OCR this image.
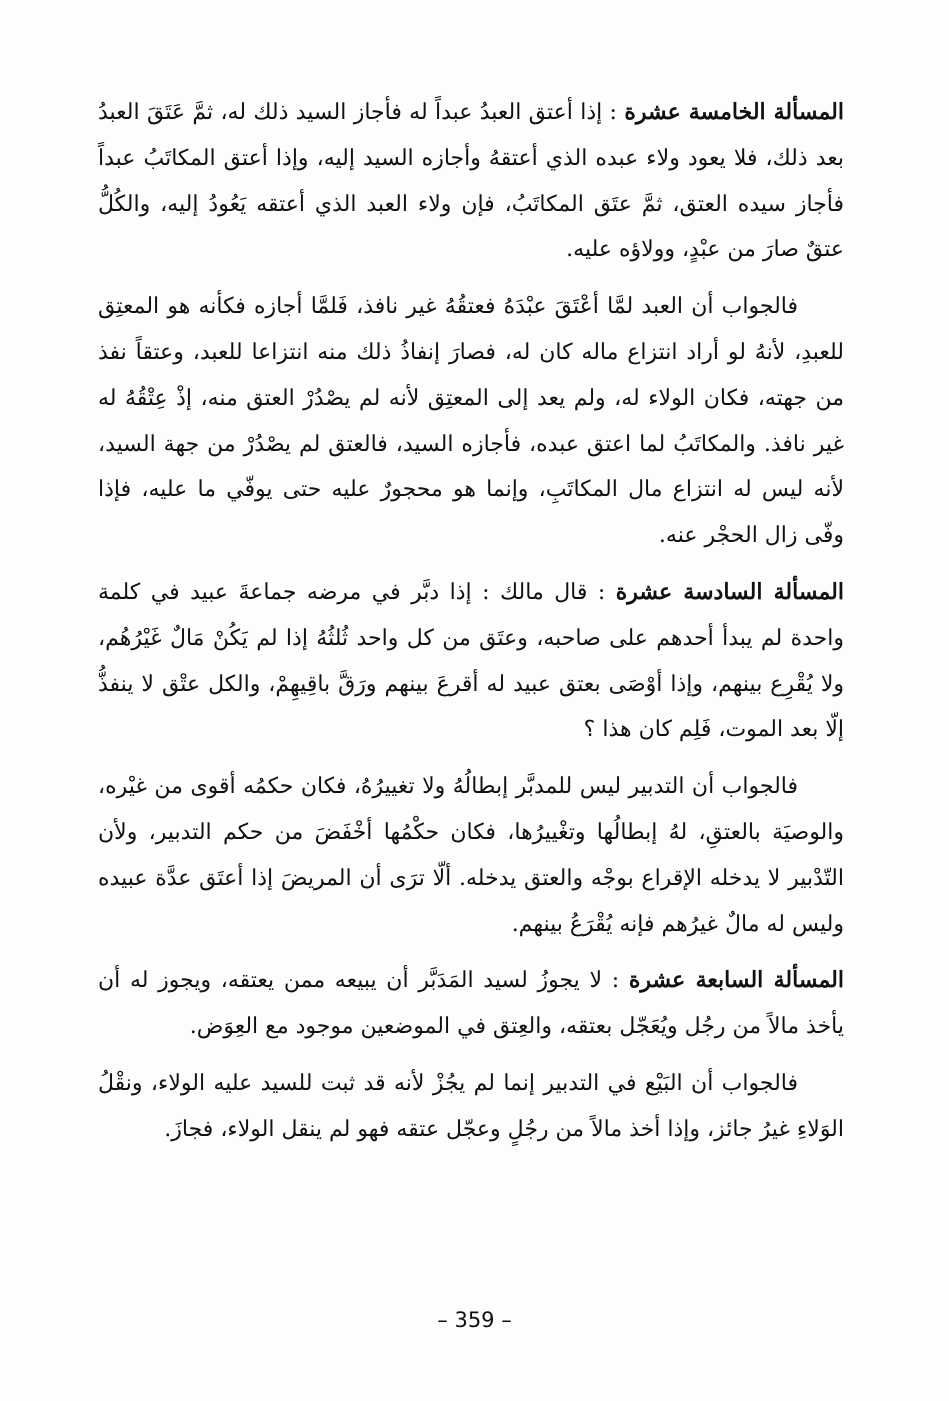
المسألة الخامسة عشرة : إذا أعتق العبدُ عبداً له فأجاز السيد ذلك له، ثمَّ عَتَقَ العبدُ بعد ذلك، فلا يعود ولاء عبده الذي أعتقهُ وأجازه السيد إليه، وإذا أعتق المكاتَبُ عبداً فأجاز سيده العتق، ثمَّ عتَق المكاتَبُ، فإن ولاء العبد الذي أعتقه يَعُودُ إليه، والكُلُّ عتقٌ صارَ من عبْدٍ، وولاؤه عليه.

فالجواب أن العبد لمَّا أعْتَقَ عبْدَهُ فعتقُهُ غير نافذ، فَلمَّا أجازه فكأنه هو المعتِق للعبدِ، لأنهُ لو أراد انتزاع ماله كان له، فصارَ إنفاذُ ذلك منه انتزاعا للعبد، وعتقاً نفذ من جهته، فكان الولاء له، ولم يعد إلى المعتِق لأنه لم يصْدُرْ العتق منه، إذْ عِتْقُهُ له غير نافذ. والمكاتَبُ لما اعتق عبده، فأجازه السيد، فالعتق لم يصْدُرْ من جهة السيد، لأنه ليس له انتزاع مال المكاتَبِ، وإنما هو محجورٌ عليه حتى يوفّي ما عليه، فإذا وفّى زال الحجْر عنه.

المسألة السادسة عشرة : قال مالك : إذا دبَّر في مرضه جماعةَ عبيد في كلمة واحدة لم يبدأ أحدهم على صاحبه، وعتَق من كل واحد ثُلثُهُ إذا لم يَكُنْ مَالٌ غَيْرُهُم، ولا يُقْرِع بينهم، وإذا أوْصَى بعتق عبيد له أقرعَ بينهم ورَقَّ باقِيهِمْ، والكل عتْق لا ينفذُّ إلّا بعد الموت، فَلِم كان هذا ؟

فالجواب أن التدبير ليس للمدبَّر إبطالُهُ ولا تغييرُهُ، فكان حكمُه أقوى من غيْره، والوصيَة بالعتقِ، لهُ إبطالُها وتغْييرُها، فكان حكْمُها أخْفَضَ من حكم التدبير، ولأن التّدْبير لا يدخله الإقراع بوجْه والعتق يدخله. ألّا ترَى أن المريضَ إذا أعتَق عدَّة عبيده وليس له مالٌ غيرُهم فإنه يُقْرَعُ بينهم.

المسألة السابعة عشرة : لا يجوزُ لسيد المَدَبَّر أن يبيعه ممن يعتقه، ويجوز له أن يأخذ مالاً من رجُل ويُعَجّل بعتقه، والعِتق في الموضعين موجود مع العِوَض.

فالجواب أن البَيْع في التدبير إنما لم يجُزْ لأنه قد ثبت للسيد عليه الولاء، ونقْلُ الوَلاءِ غيرُ جائز، وإذا أخذ مالاً من رجُلٍ وعجّل عتقه فهو لم ينقل الولاء، فجازَ.

– 359 –
